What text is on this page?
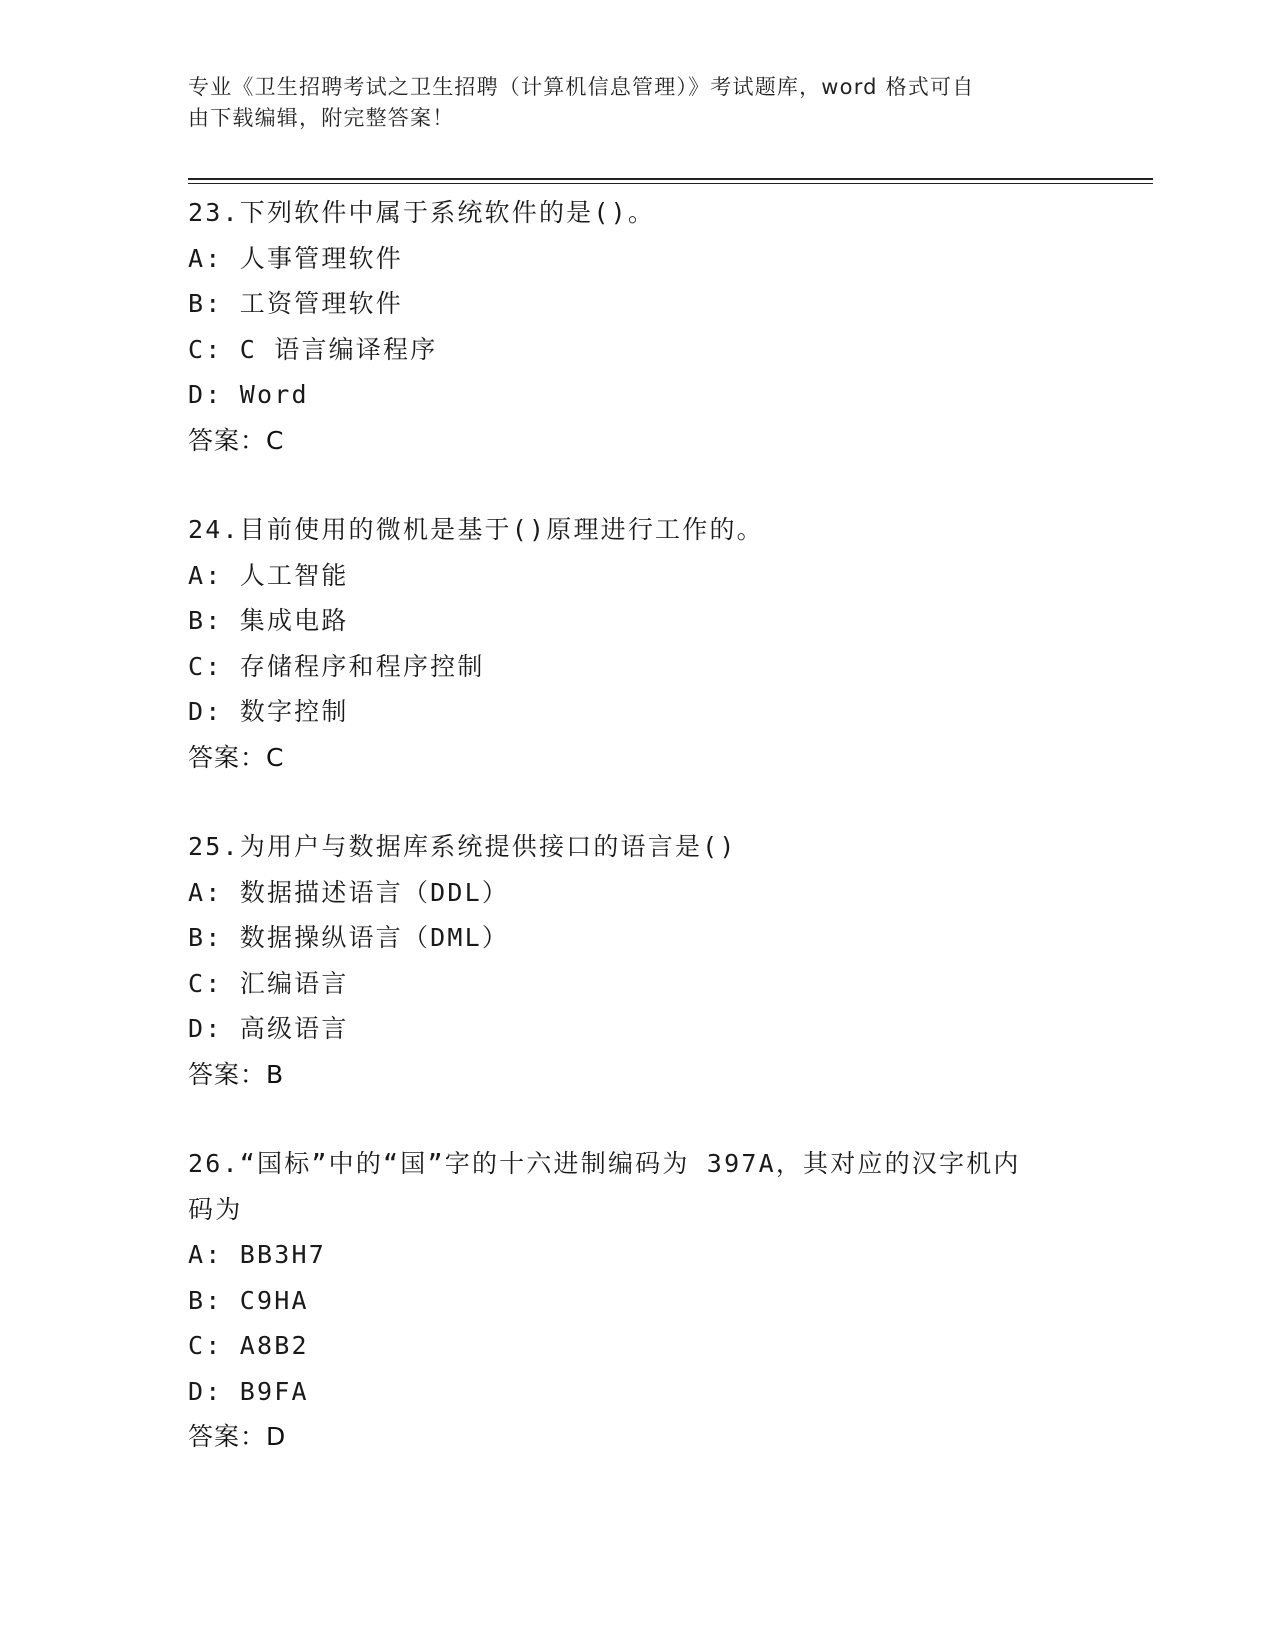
专业《卫生招聘考试之卫生招聘（计算机信息管理）》考试题库，word 格式可自
由下载编辑，附完整答案！
23.下列软件中属于系统软件的是()。
A: 人事管理软件
B: 工资管理软件
C: C 语言编译程序
D: Word
答案：C
24.目前使用的微机是基于()原理进行工作的。
A: 人工智能
B: 集成电路
C: 存储程序和程序控制
D: 数字控制
答案：C
25.为用户与数据库系统提供接口的语言是()
A: 数据描述语言（DDL）
B: 数据操纵语言（DML）
C: 汇编语言
D: 高级语言
答案：B
26.“国标”中的“国”字的十六进制编码为 397A，其对应的汉字机内
码为
A: BB3H7
B: C9HA
C: A8B2
D: B9FA
答案：D
